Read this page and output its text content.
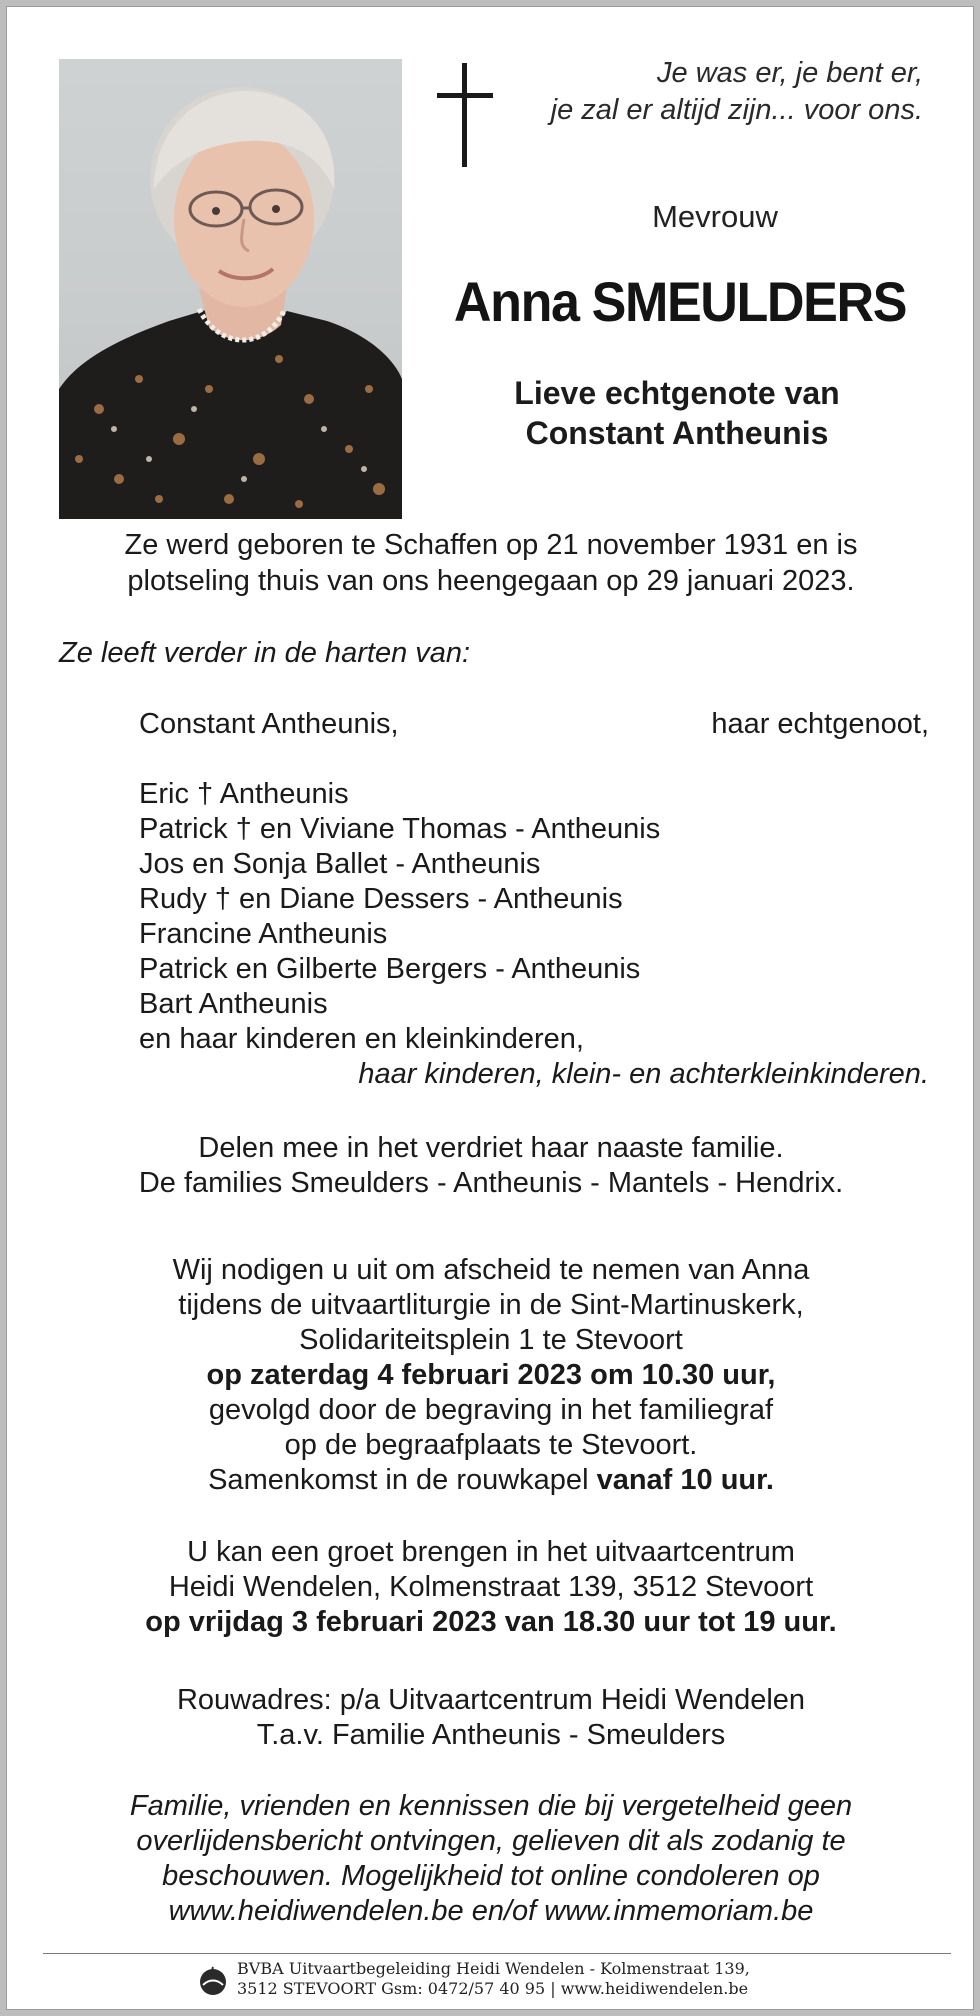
Je was er, je bent er,
je zal er altijd zijn... voor ons.
Mevrouw
Anna SMEULDERS
Lieve echtgenote van
Constant Antheunis
Ze werd geboren te Schaffen op 21 november 1931 en is
plotseling thuis van ons heengegaan op 29 januari 2023.
Ze leeft verder in de harten van:
Constant Antheunis,	haar echtgenoot,
Eric † Antheunis
Patrick † en Viviane Thomas - Antheunis
Jos en Sonja Ballet - Antheunis
Rudy † en Diane Dessers - Antheunis
Francine Antheunis
Patrick en Gilberte Bergers - Antheunis
Bart Antheunis
en haar kinderen en kleinkinderen,
haar kinderen, klein- en achterkleinkinderen.
Delen mee in het verdriet haar naaste familie.
De families Smeulders - Antheunis - Mantels - Hendrix.
Wij nodigen u uit om afscheid te nemen van Anna
tijdens de uitvaartliturgie in de Sint-Martinuskerk,
Solidariteitsplein 1 te Stevoort
op zaterdag 4 februari 2023 om 10.30 uur,
gevolgd door de begraving in het familiegraf
op de begraafplaats te Stevoort.
Samenkomst in de rouwkapel vanaf 10 uur.
U kan een groet brengen in het uitvaartcentrum
Heidi Wendelen, Kolmenstraat 139, 3512 Stevoort
op vrijdag 3 februari 2023 van 18.30 uur tot 19 uur.
Rouwadres: p/a Uitvaartcentrum Heidi Wendelen
T.a.v. Familie Antheunis - Smeulders
Familie, vrienden en kennissen die bij vergetelheid geen
overlijdensbericht ontvingen, gelieven dit als zodanig te
beschouwen. Mogelijkheid tot online condoleren op
www.heidiwendelen.be en/of www.inmemoriam.be
BVBA Uitvaartbegeleiding Heidi Wendelen - Kolmenstraat 139,
3512 STEVOORT Gsm: 0472/57 40 95 | www.heidiwendelen.be
